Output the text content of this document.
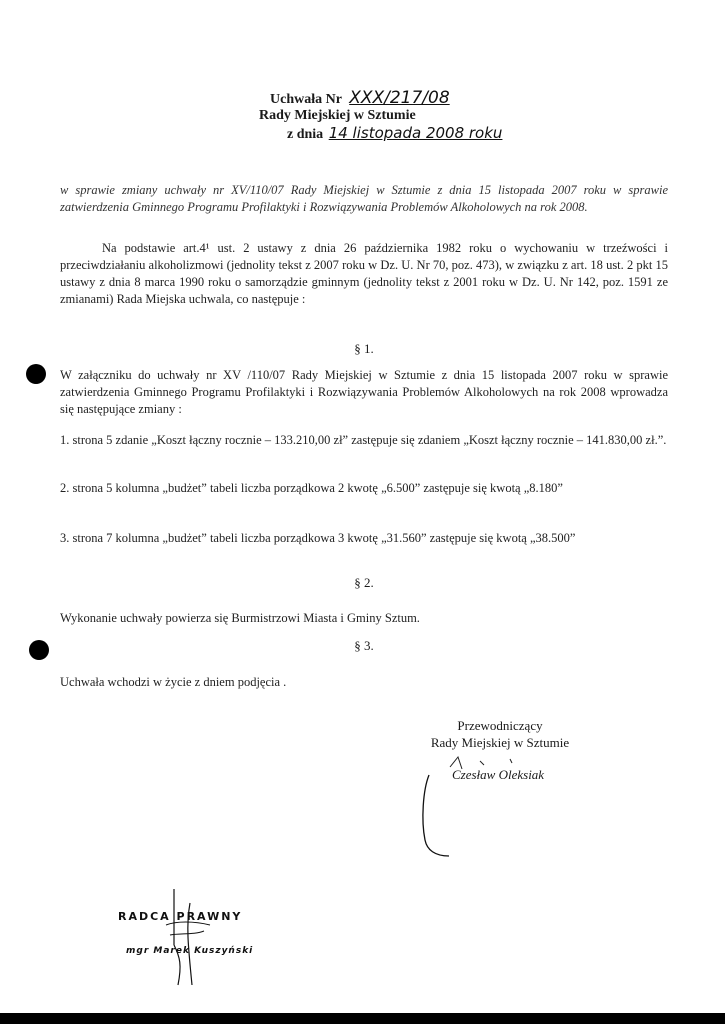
Uchwała Nr XXX/217/08
Rady Miejskiej w Sztumie
z dnia 14 listopada 2008 roku
w sprawie zmiany uchwały nr XV/110/07 Rady Miejskiej w Sztumie z dnia 15 listopada 2007 roku w sprawie zatwierdzenia Gminnego Programu Profilaktyki i Rozwiązywania Problemów Alkoholowych na rok 2008.
Na podstawie art.4¹ ust. 2 ustawy z dnia 26 października 1982 roku o wychowaniu w trzeźwości i przeciwdziałaniu alkoholizmowi (jednolity tekst z 2007 roku w Dz. U. Nr 70, poz. 473), w związku z art. 18 ust. 2 pkt 15 ustawy z dnia 8 marca 1990 roku o samorządzie gminnym (jednolity tekst z 2001 roku w Dz. U. Nr 142, poz. 1591 ze zmianami) Rada Miejska uchwala, co następuje :
§ 1.
W załączniku do uchwały nr XV /110/07 Rady Miejskiej w Sztumie z dnia 15 listopada 2007 roku w sprawie zatwierdzenia Gminnego Programu Profilaktyki i Rozwiązywania Problemów Alkoholowych na rok 2008 wprowadza się następujące zmiany :
1. strona 5 zdanie „Koszt łączny rocznie – 133.210,00 zł” zastępuje się zdaniem „Koszt łączny rocznie – 141.830,00 zł.”.
2. strona 5 kolumna „budżet” tabeli liczba porządkowa 2 kwotę „6.500” zastępuje się kwotą „8.180”
3. strona 7 kolumna „budżet” tabeli liczba porządkowa 3 kwotę „31.560” zastępuje się kwotą „38.500”
§ 2.
Wykonanie uchwały powierza się Burmistrzowi Miasta i Gminy Sztum.
§ 3.
Uchwała wchodzi w życie z dniem podjęcia .
Przewodniczący
Rady Miejskiej w Sztumie
Czesław Oleksiak
RADCA PRAWNY
mgr Marek Kuszyński
